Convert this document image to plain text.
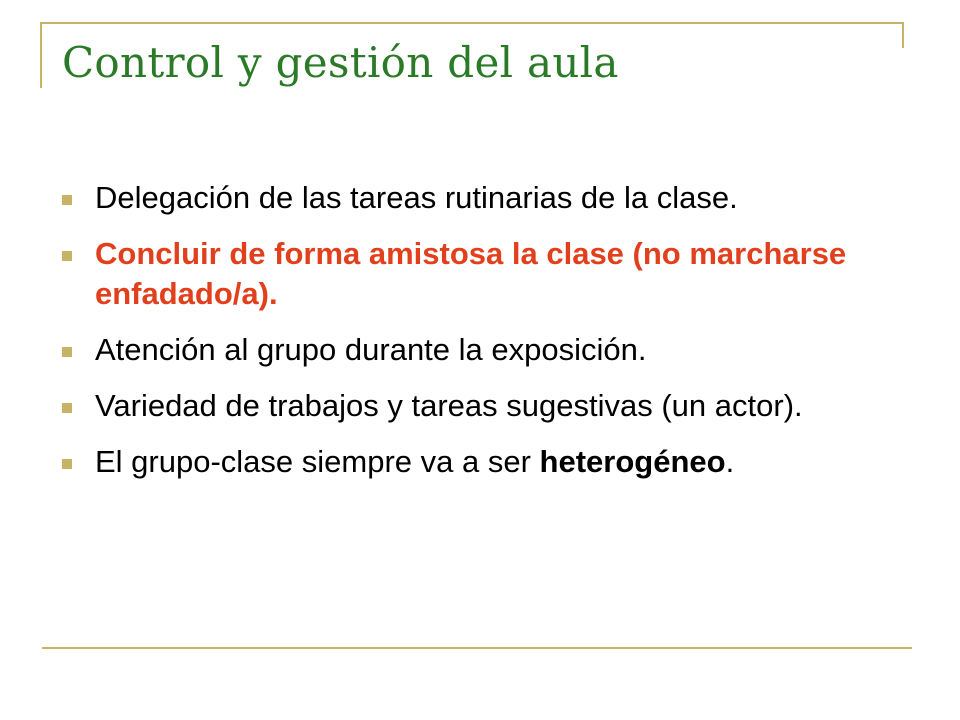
Control y gestión del aula
Delegación de las tareas rutinarias de la clase.
Concluir de forma amistosa la clase (no marcharse enfadado/a).
Atención al grupo durante la exposición.
Variedad de trabajos y tareas sugestivas (un actor).
El grupo-clase siempre va a ser heterogéneo.
